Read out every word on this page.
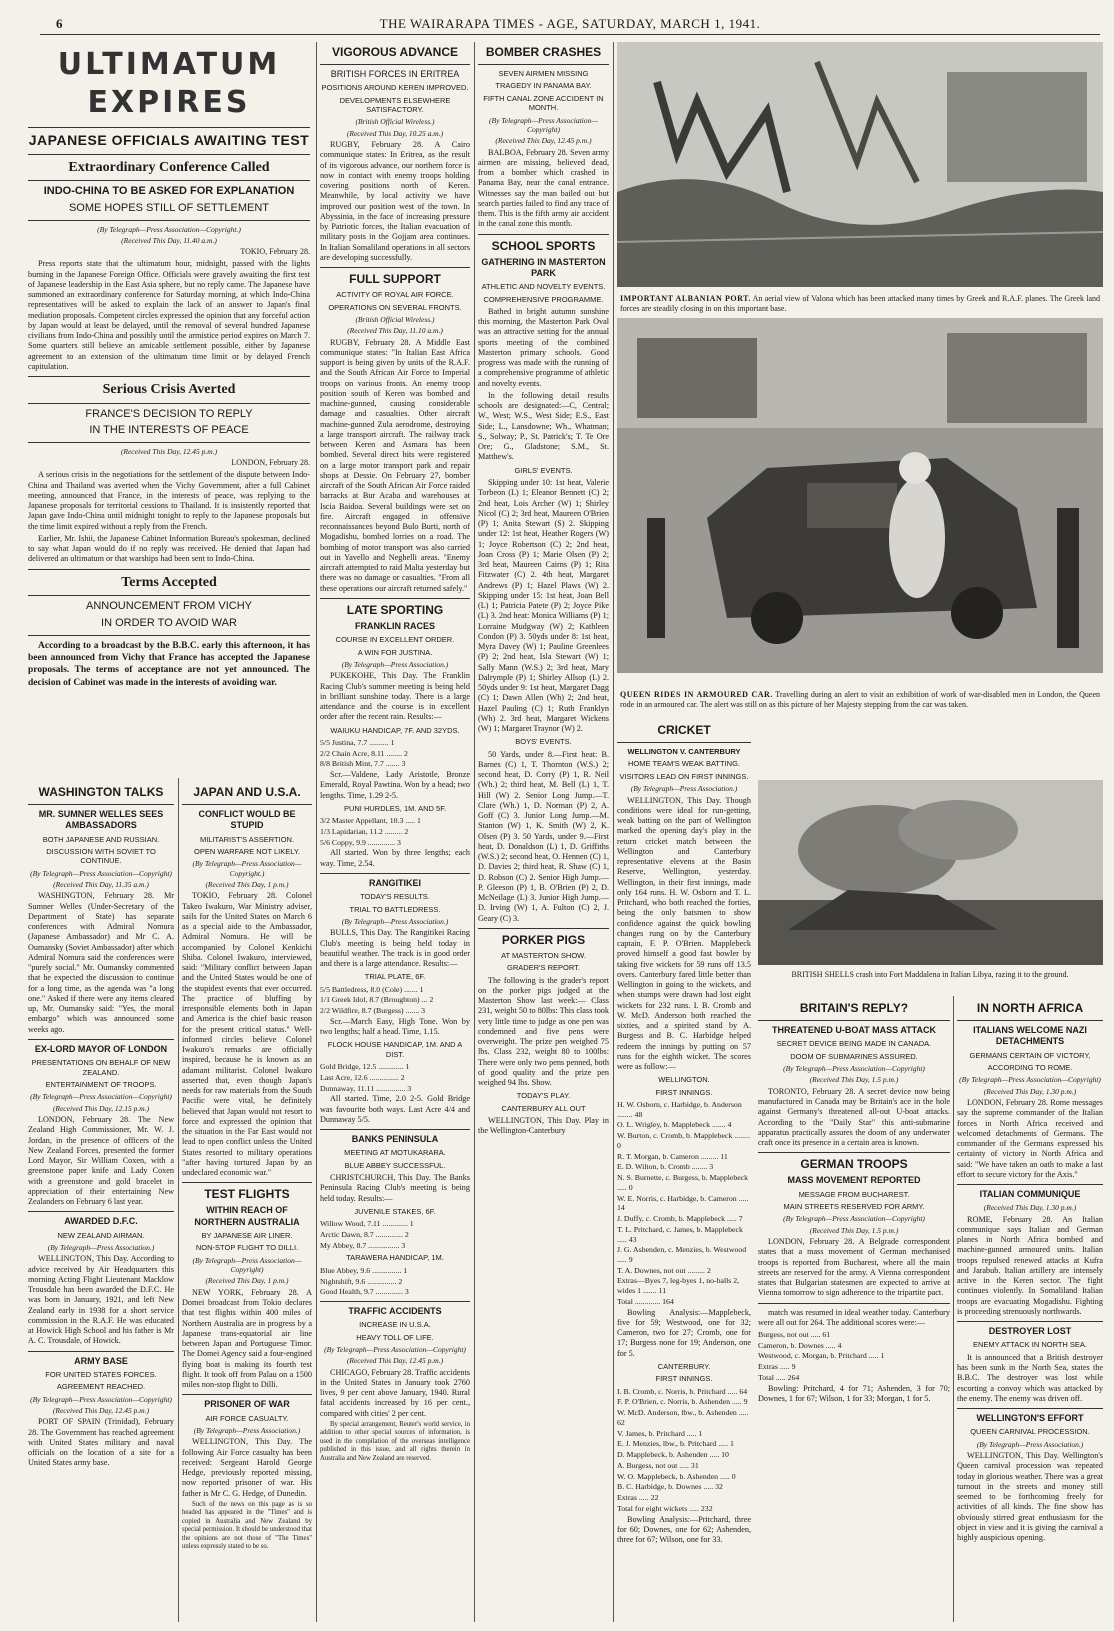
6	THE WAIRARAPA TIMES - AGE, SATURDAY, MARCH 1, 1941.
ULTIMATUM EXPIRES
JAPANESE OFFICIALS AWAITING TEST
Extraordinary Conference Called
INDO-CHINA TO BE ASKED FOR EXPLANATION
SOME HOPES STILL OF SETTLEMENT
(By Telegraph—Press Association—Copyright.)
(Received This Day, 11.40 a.m.)
TOKIO, February 28.
Press reports state that the ultimatum hour, midnight, passed with the lights burning in the Japanese Foreign Office. Officials were gravely awaiting the first test of Japanese leadership in the East Asia sphere, but no reply came. The Japanese have summoned an extraordinary conference for Saturday morning, at which Indo-China representatives will be asked to explain the lack of an answer to Japan's final mediation proposals. Competent circles expressed the opinion that any forceful action by Japan would at least be delayed, until the removal of several hundred Japanese civilians from Indo-China and possibly until the armistice period expires on March 7. Some quarters still believe an amicable settlement possible, either by Japanese agreement to an extension of the ultimatum time limit or by delayed French capitulation.
Serious Crisis Averted
FRANCE'S DECISION TO REPLY
IN THE INTERESTS OF PEACE
(Received This Day, 12.45 p.m.)
LONDON, February 28.
A serious crisis in the negotiations for the settlement of the dispute between Indo-China and Thailand was averted when the Vichy Government, after a full Cabinet meeting, announced that France, in the interests of peace, was replying to the Japanese proposals for territorial cessions to Thailand. It is insistently reported that Japan gave Indo-China until midnight tonight to reply to the Japanese proposals but the time limit expired without a reply from the French.
Earlier, Mr. Ishii, the Japanese Cabinet Information Bureau's spokesman, declined to say what Japan would do if no reply was received. He denied that Japan had delivered an ultimatum or that warships had been sent to Indo-China.
Terms Accepted
ANNOUNCEMENT FROM VICHY
IN ORDER TO AVOID WAR
According to a broadcast by the B.B.C. early this afternoon, it has been announced from Vichy that France has accepted the Japanese proposals. The terms of acceptance are not yet announced. The decision of Cabinet was made in the interests of avoiding war.
WASHINGTON TALKS
MR. SUMNER WELLES SEES AMBASSADORS
BOTH JAPANESE AND RUSSIAN.
DISCUSSION WITH SOVIET TO CONTINUE.
(By Telegraph—Press Association—Copyright)
(Received This Day, 11.35 a.m.)
WASHINGTON, February 28. Mr Sumner Welles (Under-Secretary of the Department of State) has separate conferences with Admiral Nomura (Japanese Ambassador) and Mr C. A. Oumansky (Soviet Ambassador) after which Admiral Nomura said the conferences were "purely social." Mr. Oumansky commented that he expected the discussion to continue for a long time, as the agenda was "a long one." Asked if there were any items cleared up, Mr. Oumansky said: "Yes, the moral embargo" which was announced some weeks ago.
EX-LORD MAYOR OF LONDON
PRESENTATIONS ON BEHALF OF NEW ZEALAND.
ENTERTAINMENT OF TROOPS.
(By Telegraph—Press Association—Copyright)
(Received This Day, 12.15 p.m.)
LONDON, February 28. The New Zealand High Commissioner, Mr. W. J. Jordan, in the presence of officers of the New Zealand Forces, presented the former Lord Mayor, Sir William Coxen, with a greenstone paper knife and Lady Coxen with a greenstone and gold bracelet in appreciation of their entertaining New Zealanders on February 6 last year.
AWARDED D.F.C.
NEW ZEALAND AIRMAN.
(By Telegraph—Press Association.)
WELLINGTON, This Day. According to advice received by Air Headquarters this morning Acting Flight Lieutenant Macklow Trousdale has been awarded the D.F.C. He was born in January, 1921, and left New Zealand early in 1938 for a short service commission in the R.A.F. He was educated at Howick High School and his father is Mr A. C. Trousdale, of Howick.
ARMY BASE
FOR UNITED STATES FORCES.
AGREEMENT REACHED.
(By Telegraph—Press Association—Copyright)
(Received This Day, 12.45 p.m.)
PORT OF SPAIN (Trinidad), February 28. The Government has reached agreement with United States military and naval officials on the location of a site for a United States army base.
JAPAN AND U.S.A.
CONFLICT WOULD BE STUPID
MILITARIST'S ASSERTION.
OPEN WARFARE NOT LIKELY.
(By Telegraph—Press Association—Copyright.)
(Received This Day, 1 p.m.)
TOKIO, February 28. Colonel Takeo Iwakuro, War Ministry adviser, sails for the United States on March 6 as a special aide to the Ambassador, Admiral Nomura. He will be accompanied by Colonel Kenkichi Shiba. Colonel Iwakuro, interviewed, said: "Military conflict between Japan and the United States would be one of the stupidest events that ever occurred. The practice of bluffing by irresponsible elements both in Japan and America is the chief basic reason for the present critical status." Well-informed circles believe Colonel Iwakuro's remarks are officially inspired, because he is known as an adamant militarist. Colonel Iwakuro asserted that, even though Japan's needs for raw materials from the South Pacific were vital, he definitely believed that Japan would not resort to force and expressed the opinion that the situation in the Far East would not lead to open conflict unless the United States resorted to military operations "after having tortured Japan by an undeclared economic war."
TEST FLIGHTS
WITHIN REACH OF NORTHERN AUSTRALIA
BY JAPANESE AIR LINER.
NON-STOP FLIGHT TO DILLI.
(By Telegraph—Press Association—Copyright)
(Received This Day, 1 p.m.)
NEW YORK, February 28. A Domei broadcast from Tokio declares that test flights within 400 miles of Northern Australia are in progress by a Japanese trans-equatorial air line between Japan and Portuguese Timor. The Domei Agency said a four-engined flying boat is making its fourth test flight. It took off from Palau on a 1500 miles non-stop flight to Dilli.
PRISONER OF WAR
AIR FORCE CASUALTY.
(By Telegraph—Press Association.)
WELLINGTON, This Day. The following Air Force casualty has been received: Sergeant Harold George Hedge, previously reported missing, now reported prisoner of war. His father is Mr C. G. Hedge, of Dunedin.
Such of the news on this page as is so headed has appeared in the "Times" and is copied in Australia and New Zealand by special permission. It should be understood that the opinions are not those of "The Times" unless expressly stated to be so.
VIGOROUS ADVANCE
BRITISH FORCES IN ERITREA
POSITIONS AROUND KEREN IMPROVED.
DEVELOPMENTS ELSEWHERE SATISFACTORY.
(British Official Wireless.)
(Received This Day, 10.25 a.m.)
RUGBY, February 28. A Cairo communique states: In Eritrea, as the result of its vigorous advance, our northern force is now in contact with enemy troops holding covering positions north of Keren. Meanwhile, by local activity we have improved our position west of the town. In Abyssinia, in the face of increasing pressure by Patriotic forces, the Italian evacuation of military posts in the Gojjam area continues. In Italian Somaliland operations in all sectors are developing successfully.
FULL SUPPORT
ACTIVITY OF ROYAL AIR FORCE.
OPERATIONS ON SEVERAL FRONTS.
(British Official Wireless.)
(Received This Day, 11.10 a.m.)
RUGBY, February 28. A Middle East communique states: "In Italian East Africa support is being given by units of the R.A.F. and the South African Air Force to Imperial troops on various fronts. An enemy troop position south of Keren was bombed and machine-gunned, causing considerable damage and casualties. Other aircraft machine-gunned Zula aerodrome, destroying a large transport aircraft. The railway track between Keren and Asmara has been bombed. Several direct hits were registered on a large motor transport park and repair shops at Dessie. On February 27, bomber aircraft of the South African Air Force raided barracks at Bur Acaba and warehouses at Iscia Baidoa. Several buildings were set on fire. Aircraft engaged in offensive reconnaissances beyond Bulo Burti, north of Mogadishu, bombed lorries on a road. The bombing of motor transport was also carried out in Yavello and Neghelli areas. "Enemy aircraft attempted to raid Malta yesterday but there was no damage or casualties. "From all these operations our aircraft returned safely."
LATE SPORTING
FRANKLIN RACES
COURSE IN EXCELLENT ORDER.
A WIN FOR JUSTINA.
(By Telegraph—Press Association.)
PUKEKOHE, This Day. The Franklin Racing Club's summer meeting is being held in brilliant sunshine today. There is a large attendance and the course is in excellent order after the recent rain. Results:—
WAIUKU HANDICAP, 7F. AND 32YDS.
5/5 Justina, 7.7 .......... 1
2/2 Chain Acre, 8.11 ........ 2
8/8 British Mint, 7.7 ....... 3
Scr.—Valdene, Lady Aristotle, Bronze Emerald, Royal Pawtina. Won by a head; two lengths. Time, 1.29 2-5.
PUNI HURDLES, 1M. AND 5F.
3/2 Master Appellant, 10.3 ..... 1
1/3 Lapidarian, 11.2 ......... 2
5/6 Coppy, 9.9 .............. 3
All started. Won by three lengths; each way. Time, 2.54.
RANGITIKEI
TODAY'S RESULTS.
TRIAL TO BATTLEDRESS.
(By Telegraph—Press Association.)
BULLS, This Day. The Rangitikei Racing Club's meeting is being held today in beautiful weather. The track is in good order and there is a large attendance. Results:—
TRIAL PLATE, 6F.
5/5 Battledress, 8.0 (Cole) ....... 1
1/1 Greek Idol, 8.7 (Broughton) ... 2
2/2 Wildfire, 8.7 (Burgess) ....... 3
Scr.—March Easy, High Tone. Won by two lengths; half a head. Time, 1.15.
FLOCK HOUSE HANDICAP, 1M. AND A DIST.
Gold Bridge, 12.5 ............. 1
Last Acre, 12.6 ............... 2
Dunnaway, 11.11 ............... 3
All started. Time, 2.0 2-5. Gold Bridge was favourite both ways. Last Acre 4/4 and Dunnaway 5/5.
BANKS PENINSULA
MEETING AT MOTUKARARA.
BLUE ABBEY SUCCESSFUL.
CHRISTCHURCH, This Day. The Banks Peninsula Racing Club's meeting is being held today. Results:—
JUVENILE STAKES, 6F.
Willow Wood, 7.11 ............. 1
Arctic Dawn, 8.7 .............. 2
My Abbey, 8.7 ................ 3
TARAWERA HANDICAP, 1M.
Blue Abbey, 9.6 ............... 1
Nightshift, 9.6 ............... 2
Good Health, 9.7 .............. 3
TRAFFIC ACCIDENTS
INCREASE IN U.S.A.
HEAVY TOLL OF LIFE.
(By Telegraph—Press Association—Copyright)
(Received This Day, 12.45 p.m.)
CHICAGO, February 28. Traffic accidents in the United States in January took 2760 lives, 9 per cent above January, 1940. Rural fatal accidents increased by 16 per cent., compared with cities' 2 per cent.
By special arrangement, Reuter's world service, in addition to other special sources of information, is used in the compilation of the overseas intelligence published in this issue, and all rights therein in Australia and New Zealand are reserved.
BOMBER CRASHES
SEVEN AIRMEN MISSING
TRAGEDY IN PANAMA BAY.
FIFTH CANAL ZONE ACCIDENT IN MONTH.
(By Telegraph—Press Association—Copyright)
(Received This Day, 12.45 p.m.)
BALBOA, February 28. Seven army airmen are missing, believed dead, from a bomber which crashed in Panama Bay, near the canal entrance. Witnesses say the man bailed out but search parties failed to find any trace of them. This is the fifth army air accident in the canal zone this month.
SCHOOL SPORTS
GATHERING IN MASTERTON PARK
ATHLETIC AND NOVELTY EVENTS.
COMPREHENSIVE PROGRAMME.
Bathed in bright autumn sunshine this morning, the Masterton Park Oval was an attractive setting for the annual sports meeting of the combined Masterton primary schools. Good progress was made with the running of a comprehensive programme of athletic and novelty events.
In the following detail results schools are designated:—C, Central; W., West; W.S., West Side; E.S., East Side; L., Lansdowne; Wh., Whatman; S., Solway; P., St. Patrick's; T. Te Ore Ore; G., Gladstone; S.M., St. Matthew's.
GIRLS' EVENTS.
Skipping under 10: 1st heat, Valerie Torbeon (L) 1; Eleanor Bennett (C) 2; 2nd heat, Lois Archer (W) 1; Shirley Nicol (C) 2; 3rd heat, Maureen O'Brien (P) 1; Anita Stewart (S) 2. Skipping under 12: 1st heat, Heather Rogers (W) 1; Joyce Robertson (C) 2; 2nd heat, Joan Cross (P) 1; Marie Olsen (P) 2; 3rd heat, Maureen Cairns (P) 1; Rita Fitzwater (C) 2. 4th heat, Margaret Andrews (P) 1; Hazel Plaws (W) 2. Skipping under 15: 1st heat, Joan Bell (L) 1; Patricia Patete (P) 2; Joyce Pike (L) 3. 2nd heat: Monica Williams (P) 1; Lorraine Mudgway (W) 2; Kathleen Condon (P) 3. 50yds under 8: 1st heat, Myra Davey (W) 1; Pauline Greenlees (P) 2; 2nd heat, Isla Stewart (W) 1; Sally Mann (W.S.) 2; 3rd heat, Mary Dalrymple (P) 1; Shirley Allsop (L) 2. 50yds under 9: 1st heat, Margaret Dagg (C) 1; Dawn Allen (Wh) 2; 2nd heat, Hazel Pauling (C) 1; Ruth Franklyn (Wh) 2. 3rd heat, Margaret Wickens (W) 1; Margaret Traynor (W) 2.
BOYS' EVENTS.
50 Yards, under 8.—First heat: B. Barnes (C) 1, T. Thornton (W.S.) 2; second heat, D. Corry (P) 1, R. Neil (Wh.) 2; third heat, M. Bell (L) 1, T. Hill (W) 2. Senior Long Jump.—T. Clare (Wh.) 1, D. Norman (P) 2, A. Goff (C) 3. Junior Long Jump.—M. Stanton (W) 1, K. Smith (W) 2, K. Olsen (P) 3. 50 Yards, under 9.—First heat, D. Donaldson (L) 1, D. Griffiths (W.S.) 2; second heat, O. Hennen (C) 1, D. Davies 2; third heat, R. Shaw (C) 1, D. Robson (C) 2. Senior High Jump.—P. Gleeson (P) 1, B. O'Brien (P) 2, D. McNeilage (L) 3. Junior High Jump.—D. Irving (W) 1, A. Fulton (C) 2, J. Geary (C) 3.
PORKER PIGS
AT MASTERTON SHOW.
GRADER'S REPORT.
The following is the grader's report on the porker pigs judged at the Masterton Show last week:— Class 231, weight 50 to 80lbs: This class took very little time to judge as one pen was condemned and five pens were overweight. The prize pen weighed 75 lbs. Class 232, weight 80 to 100lbs: There were only two pens penned, both of good quality and the prize pen weighed 94 lbs. Show.
TODAY'S PLAY.
CANTERBURY ALL OUT
WELLINGTON, This Day. Play in the Wellington-Canterbury
IMPORTANT ALBANIAN PORT. An aerial view of Valona which has been attacked many times by Greek and R.A.F. planes. The Greek land forces are steadily closing in on this important base.
QUEEN RIDES IN ARMOURED CAR. Travelling during an alert to visit an exhibition of work of war-disabled men in London, the Queen rode in an armoured car. The alert was still on as this picture of her Majesty stepping from the car was taken.
CRICKET
WELLINGTON V. CANTERBURY
HOME TEAM'S WEAK BATTING.
VISITORS LEAD ON FIRST INNINGS.
(By Telegraph—Press Association.)
WELLINGTON, This Day. Though conditions were ideal for run-getting, weak batting on the part of Wellington marked the opening day's play in the return cricket match between the Wellington and Canterbury representative elevens at the Basin Reserve, Wellington, yesterday. Wellington, in their first innings, made only 164 runs. H. W. Osborn and T. L. Pritchard, who both reached the forties, being the only batsmen to show confidence against the quick bowling changes rung on by the Canterbury captain, F. P. O'Brien. Mapplebeck proved himself a good fast bowler by taking five wickets for 59 runs off 13.5 overs. Canterbury fared little better than Wellington in going to the wickets, and when stumps were drawn had lost eight wickets for 232 runs. I. B. Cromb and W. McD. Anderson both reached the sixties, and a spirited stand by A. Burgess and B. C. Harbidge helped redeem the innings by putting on 57 runs for the eighth wicket. The scores were as follow:—
WELLINGTON.
FIRST INNINGS.
H. W. Osborn, c. Harbidge, b. Anderson ........ 48
O. L. Wrigley, b. Mapplebeck ....... 4
W. Burton, c. Cromb, b. Mapplebeck ........ 0
R. T. Morgan, b. Cameron ......... 11
E. D. Wilton, b. Cromb ........ 3
N. S. Burnette, c. Burgess, b. Mapplebeck ..... 0
W. E. Norris, c. Harbidge, b. Cameron ..... 14
J. Duffy, c. Cromb, b. Mapplebeck ..... 7
T. L. Pritchard, c. James, b. Mapplebeck ..... 43
J. G. Ashenden, c. Menzies, b. Westwood ..... 9
T. A. Downes, not out ......... 2
Extras—Byes 7, leg-byes 1, no-balls 2, wides 1 ....... 11
Total ............. 164
Bowling Analysis:—Mapplebeck, five for 59; Westwood, one for 32; Cameron, two for 27; Cromb, one for 17; Burgess none for 19; Anderson, one for 5.
CANTERBURY.
FIRST INNINGS.
I. B. Cromb, c. Norris, b. Pritchard ..... 64
F. P. O'Brien, c. Norris, b. Ashenden ..... 9
W. McD. Anderson, lbw., b. Ashenden ..... 62
V. James, b. Pritchard ..... 1
E. J. Menzies, lbw., b. Pritchard ..... 1
D. Mapplebeck, b. Ashenden ..... 10
A. Burgess, not out ..... 31
W. O. Mapplebeck, b. Ashenden ..... 0
B. C. Harbidge, b. Downes ..... 32
Extras ..... 22
Total for eight wickets ..... 232
Bowling Analysis:—Pritchard, three for 60; Downes, one for 62; Ashenden, three for 67; Wilson, one for 33.
BRITISH SHELLS crash into Fort Maddalena in Italian Libya, razing it to the ground.
BRITAIN'S REPLY?
THREATENED U-BOAT MASS ATTACK
SECRET DEVICE BEING MADE IN CANADA.
DOOM OF SUBMARINES ASSURED.
(By Telegraph—Press Association—Copyright)
(Received This Day, 1.5 p.m.)
TORONTO, February 28. A secret device now being manufactured in Canada may be Britain's ace in the hole against Germany's threatened all-out U-boat attacks. According to the "Daily Star" this anti-submarine apparatus practically assures the doom of any underwater craft once its presence in a certain area is known.
GERMAN TROOPS
MASS MOVEMENT REPORTED
MESSAGE FROM BUCHAREST.
MAIN STREETS RESERVED FOR ARMY.
(By Telegraph—Press Association—Copyright)
(Received This Day, 1.5 p.m.)
LONDON, February 28. A Belgrade correspondent states that a mass movement of German mechanised troops is reported from Bucharest, where all the main streets are reserved for the army. A Vienna correspondent states that Bulgarian statesmen are expected to arrive at Vienna tomorrow to sign adherence to the tripartite pact.
match was resumed in ideal weather today. Canterbury were all out for 264. The additional scores were:—
Burgess, not out ..... 61
Cameron, b. Downes ..... 4
Westwood, c. Morgan, b. Pritchard ..... 1
Extras ..... 9
Total ..... 264
Bowling: Pritchard, 4 for 71; Ashenden, 3 for 70; Downes, 1 for 67; Wilson, 1 for 33; Morgan, 1 for 5.
IN NORTH AFRICA
ITALIANS WELCOME NAZI DETACHMENTS
GERMANS CERTAIN OF VICTORY,
ACCORDING TO ROME.
(By Telegraph—Press Association—Copyright)
(Received This Day, 1.30 p.m.)
LONDON, February 28. Rome messages say the supreme commander of the Italian forces in North Africa received and welcomed detachments of Germans. The commander of the Germans expressed his certainty of victory in North Africa and said: "We have taken an oath to make a last effort to secure victory for the Axis."
ITALIAN COMMUNIQUE
(Received This Day, 1.30 p.m.)
ROME, February 28. An Italian communique says Italian and German planes in North Africa bombed and machine-gunned armoured units. Italian troops repulsed renewed attacks at Kufra and Jarabub. Italian artillery are intensely active in the Keren sector. The fight continues violently. In Somaliland Italian troops are evacuating Mogadishu. Fighting is proceeding strenuously northwards.
DESTROYER LOST
ENEMY ATTACK IN NORTH SEA.
It is announced that a British destroyer has been sunk in the North Sea, states the B.B.C. The destroyer was lost while escorting a convoy which was attacked by the enemy. The enemy was driven off.
WELLINGTON'S EFFORT
QUEEN CARNIVAL PROCESSION.
(By Telegraph—Press Association.)
WELLINGTON, This Day. Wellington's Queen carnival procession was repeated today in glorious weather. There was a great turnout in the streets and money still seemed to be forthcoming freely for activities of all kinds. The fine show has obviously stirred great enthusiasm for the object in view and it is giving the carnival a highly auspicious opening.
